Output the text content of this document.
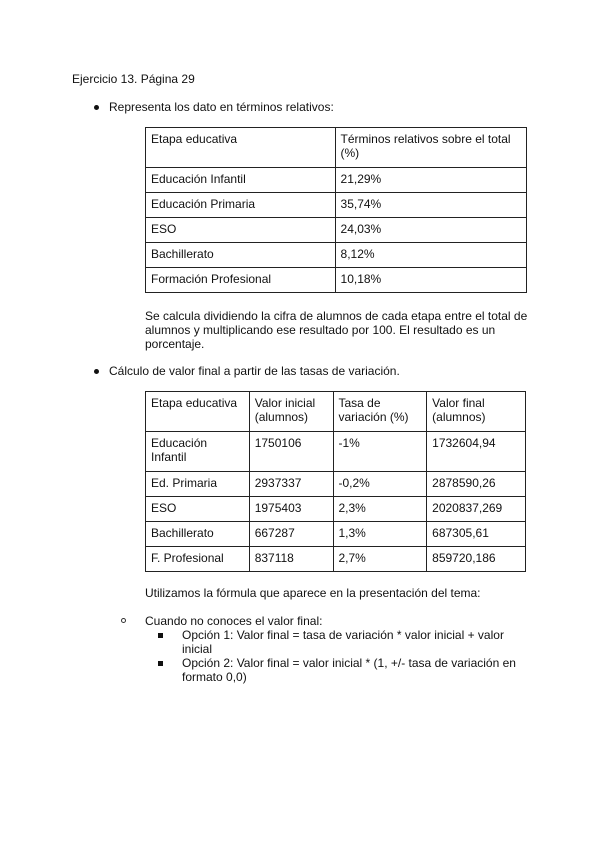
Ejercicio 13. Página 29
Representa los dato en términos relativos:
Etapa educativa	Términos relativos sobre el total (%)
Educación Infantil	21,29%
Educación Primaria	35,74%
ESO	24,03%
Bachillerato	8,12%
Formación Profesional	10,18%
Se calcula dividiendo la cifra de alumnos de cada etapa entre el total de alumnos y multiplicando ese resultado por 100. El resultado es un porcentaje.
Cálculo de valor final a partir de las tasas de variación.
Etapa educativa	Valor inicial (alumnos)	Tasa de variación (%)	Valor final (alumnos)
Educación Infantil	1750106	-1%	1732604,94
Ed. Primaria	2937337	-0,2%	2878590,26
ESO	1975403	2,3%	2020837,269
Bachillerato	667287	1,3%	687305,61
F. Profesional	837118	2,7%	859720,186
Utilizamos la fórmula que aparece en la presentación del tema:
Cuando no conoces el valor final:
Opción 1: Valor final = tasa de variación * valor inicial + valor inicial
Opción 2: Valor final = valor inicial * (1, +/- tasa de variación en formato 0,0)
